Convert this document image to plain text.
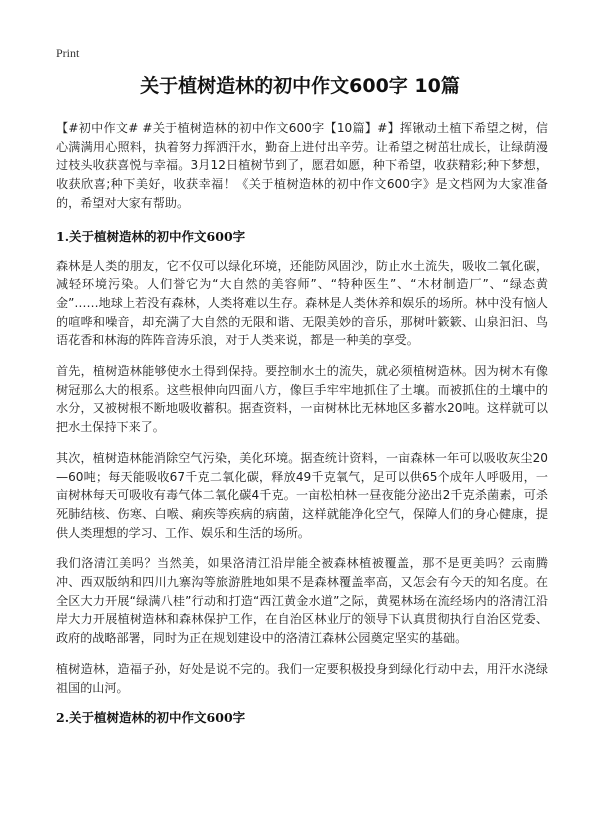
Print
关于植树造林的初中作文600字 10篇

【#初中作文# #关于植树造林的初中作文600字【10篇】#】挥锹动土植下希望之树，信心满满用心照料，执着努力挥洒汗水，勤奋上进付出辛劳。让希望之树茁壮成长，让绿荫漫过枝头收获喜悦与幸福。3月12日植树节到了，愿君如愿，种下希望，收获精彩;种下梦想，收获欣喜;种下美好，收获幸福！《关于植树造林的初中作文600字》是文档网为大家准备的，希望对大家有帮助。

1.关于植树造林的初中作文600字

森林是人类的朋友，它不仅可以绿化环境，还能防风固沙，防止水土流失，吸收二氧化碳，减轻环境污染。人们誉它为“大自然的美容师”、“特种医生”、“木材制造厂”、“绿态黄金”……地球上若没有森林，人类将难以生存。森林是人类休养和娱乐的场所。林中没有恼人的喧哗和噪音，却充满了大自然的无限和谐、无限美妙的音乐，那树叶簌簌、山泉汩汩、鸟语花香和林海的阵阵音涛乐浪，对于人类来说，都是一种美的享受。

首先，植树造林能够使水土得到保持。要控制水土的流失，就必须植树造林。因为树木有像树冠那么大的根系。这些根伸向四面八方，像巨手牢牢地抓住了土壤。而被抓住的土壤中的水分，又被树根不断地吸收蓄积。据查资料，一亩树林比无林地区多蓄水20吨。这样就可以把水土保持下来了。

其次，植树造林能消除空气污染，美化环境。据查统计资料，一亩森林一年可以吸收灰尘20—60吨；每天能吸收67千克二氧化碳，释放49千克氧气，足可以供65个成年人呼吸用，一亩树林每天可吸收有毒气体二氧化碳4千克。一亩松柏林一昼夜能分泌出2千克杀菌素，可杀死肺结核、伤寒、白喉、痢疾等疾病的病菌，这样就能净化空气，保障人们的身心健康，提供人类理想的学习、工作、娱乐和生活的场所。

我们洛清江美吗？当然美，如果洛清江沿岸能全被森林植被覆盖，那不是更美吗？云南腾冲、西双版纳和四川九寨沟等旅游胜地如果不是森林覆盖率高，又怎会有今天的知名度。在全区大力开展“绿满八桂”行动和打造“西江黄金水道”之际，黄冕林场在流经场内的洛清江沿岸大力开展植树造林和森林保护工作，在自治区林业厅的领导下认真贯彻执行自治区党委、政府的战略部署，同时为正在规划建设中的洛清江森林公园奠定坚实的基础。

植树造林，造福子孙，好处是说不完的。我们一定要积极投身到绿化行动中去，用汗水浇绿祖国的山河。

2.关于植树造林的初中作文600字
